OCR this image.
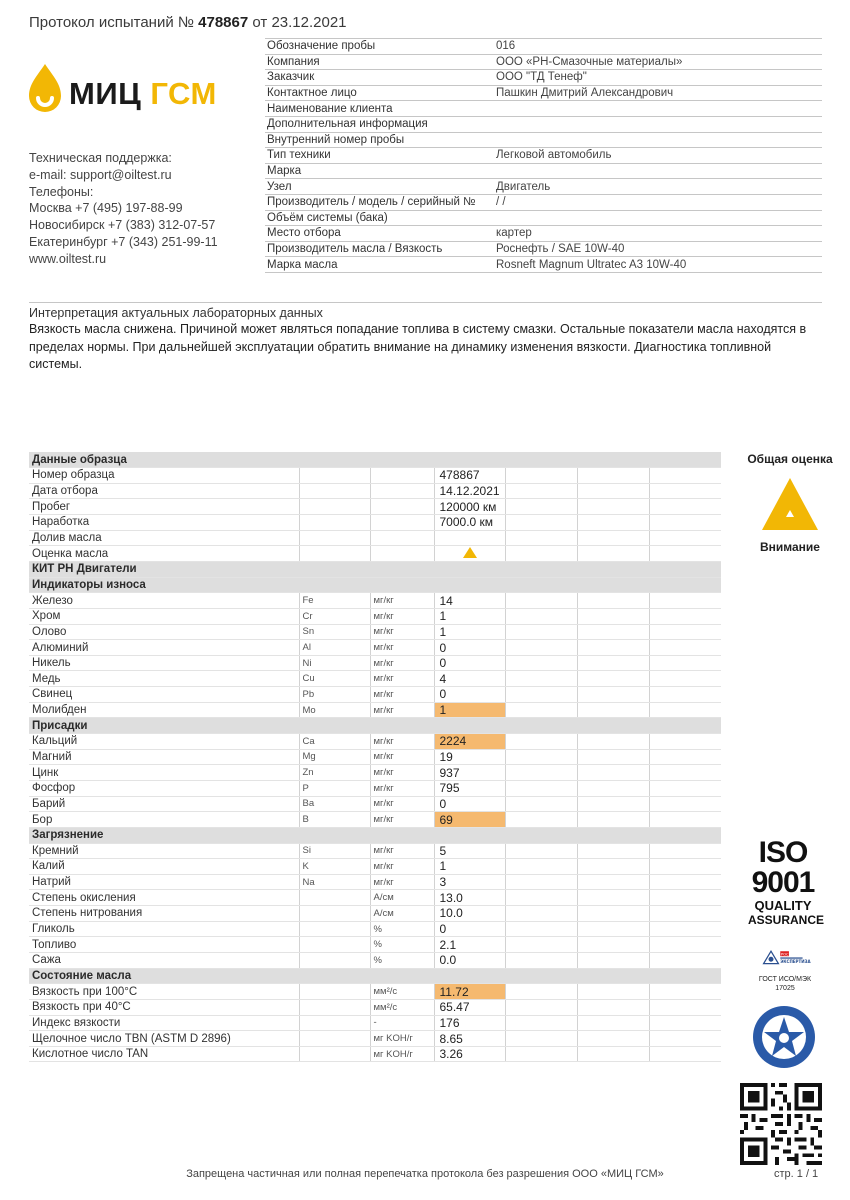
Протокол испытаний № 478867 от 23.12.2021
МИЦ ГСМ
Техническая поддержка:
e-mail: support@oiltest.ru
Телефоны:
Москва +7 (495) 197-88-99
Новосибирск +7 (383) 312-07-57
Екатеринбург +7 (343) 251-99-11
www.oiltest.ru
Обозначение пробы	016
Компания	ООО «РН-Смазочные материалы»
Заказчик	ООО "ТД Тенеф"
Контактное лицо	Пашкин Дмитрий Александрович
Наименование клиента
Дополнительная информация
Внутренний номер пробы
Тип техники	Легковой автомобиль
Марка
Узел	Двигатель
Производитель / модель / серийный №	/ /
Объём системы (бака)
Место отбора	картер
Производитель масла / Вязкость	Роснефть / SAE 10W-40
Марка масла	Rosneft Magnum Ultratec A3 10W-40
Интерпретация актуальных лабораторных данных
Вязкость масла снижена. Причиной может являться попадание топлива в систему смазки. Остальные показатели масла находятся в пределах нормы. При дальнейшей эксплуатации обратить внимание на динамику изменения вязкости. Диагностика топливной системы.
Данные образца						
Номер образца			478867			
Дата отбора			14.12.2021			
Пробег			120000 км			
Наработка			7000.0 км			
Долив масла						
Оценка масла						
КИТ РН Двигатели						
Индикаторы износа						
Железо	Fe	мг/кг	14			
Хром	Cr	мг/кг	1			
Олово	Sn	мг/кг	1			
Алюминий	Al	мг/кг	0			
Никель	Ni	мг/кг	0			
Медь	Cu	мг/кг	4			
Свинец	Pb	мг/кг	0			
Молибден	Mo	мг/кг	1			
Присадки						
Кальций	Ca	мг/кг	2224			
Магний	Mg	мг/кг	19			
Цинк	Zn	мг/кг	937			
Фосфор	P	мг/кг	795			
Барий	Ba	мг/кг	0			
Бор	B	мг/кг	69			
Загрязнение						
Кремний	Si	мг/кг	5			
Калий	K	мг/кг	1			
Натрий	Na	мг/кг	3			
Степень окисления		A/см	13.0			
Степень нитрования		A/см	10.0			
Гликоль		%	0			
Топливо		%	2.1			
Сажа		%	0.0			
Состояние масла						
Вязкость при 100°C		мм²/с	11.72			
Вязкость при 40°C		мм²/с	65.47			
Индекс вязкости		-	176			
Щелочное число TBN (ASTM D 2896)		мг KOH/г	8.65			
Кислотное число TAN		мг KOH/г	3.26			
Общая оценка
Внимание
ISO
9001
QUALITY
ASSURANCE
РОС
ЭКСПЕРТИЗА
ГОСТ ИСО/МЭК
17025
Запрещена частичная или полная перепечатка протокола без разрешения ООО «МИЦ ГСМ»	стр. 1 / 1
